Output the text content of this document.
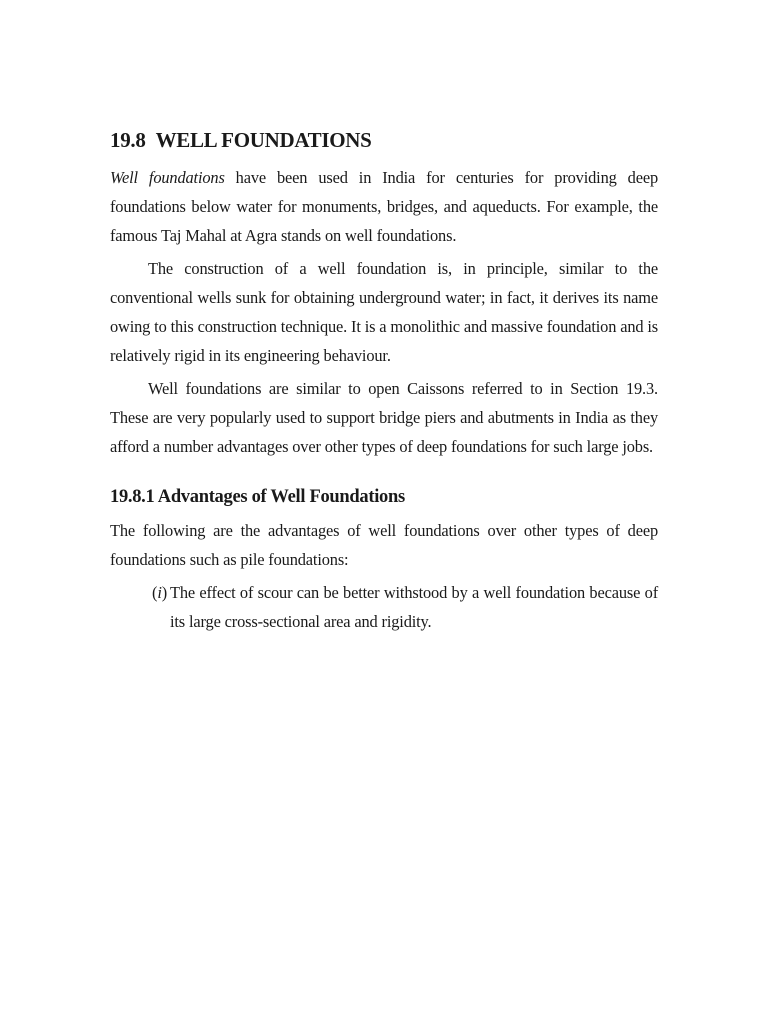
19.8 WELL FOUNDATIONS

Well foundations have been used in India for centuries for providing deep foundations below water for monuments, bridges, and aqueducts. For example, the famous Taj Mahal at Agra stands on well foundations.

The construction of a well foundation is, in principle, similar to the conventional wells sunk for obtaining underground water; in fact, it derives its name owing to this construction technique. It is a monolithic and massive foundation and is relatively rigid in its engineering behaviour.

Well foundations are similar to open Caissons referred to in Section 19.3. These are very popularly used to support bridge piers and abutments in India as they afford a number advantages over other types of deep foundations for such large jobs.

19.8.1 Advantages of Well Foundations

The following are the advantages of well foundations over other types of deep foundations such as pile foundations:

(i) The effect of scour can be better withstood by a well foundation because of its large cross-sectional area and rigidity.
